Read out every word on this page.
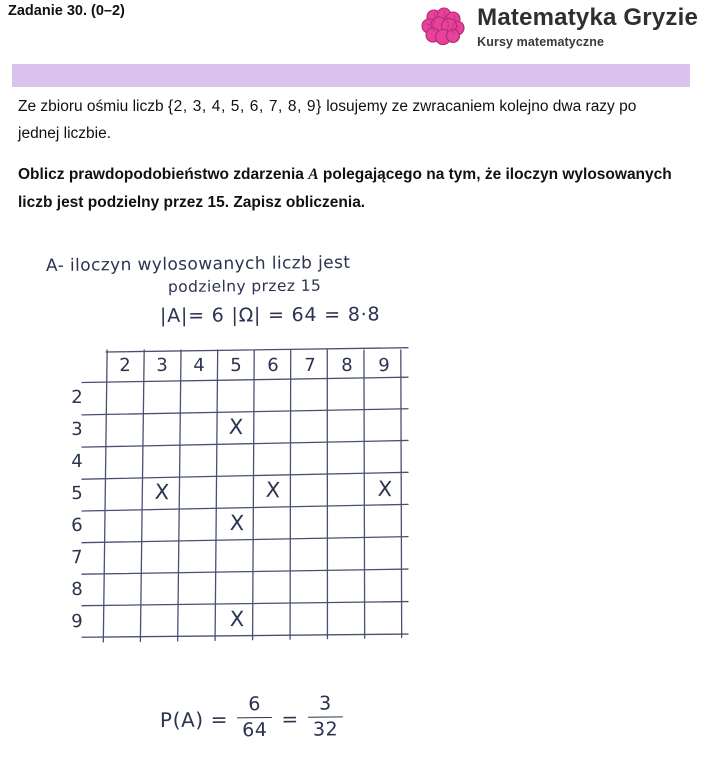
Matematyka Gryzie
Kursy matematyczne
Zadanie 30. (0–2)
Ze zbioru ośmiu liczb {2, 3, 4, 5, 6, 7, 8, 9} losujemy ze zwracaniem kolejno dwa razy po jednej liczbie.
Oblicz prawdopodobieństwo zdarzenia A polegającego na tym, że iloczyn wylosowanych liczb jest podzielny przez 15. Zapisz obliczenia.
A- iloczyn wylosowanych liczb jest
podzielny przez 15
|A|= 6 |Ω| = 64 = 8·8
$P(A) = \frac{6}{64} = \frac{3}{32}$
2 3 4 5 6 7 8 9
2
3
4
5
6
7
8
9
X
X	X	X
X
X
